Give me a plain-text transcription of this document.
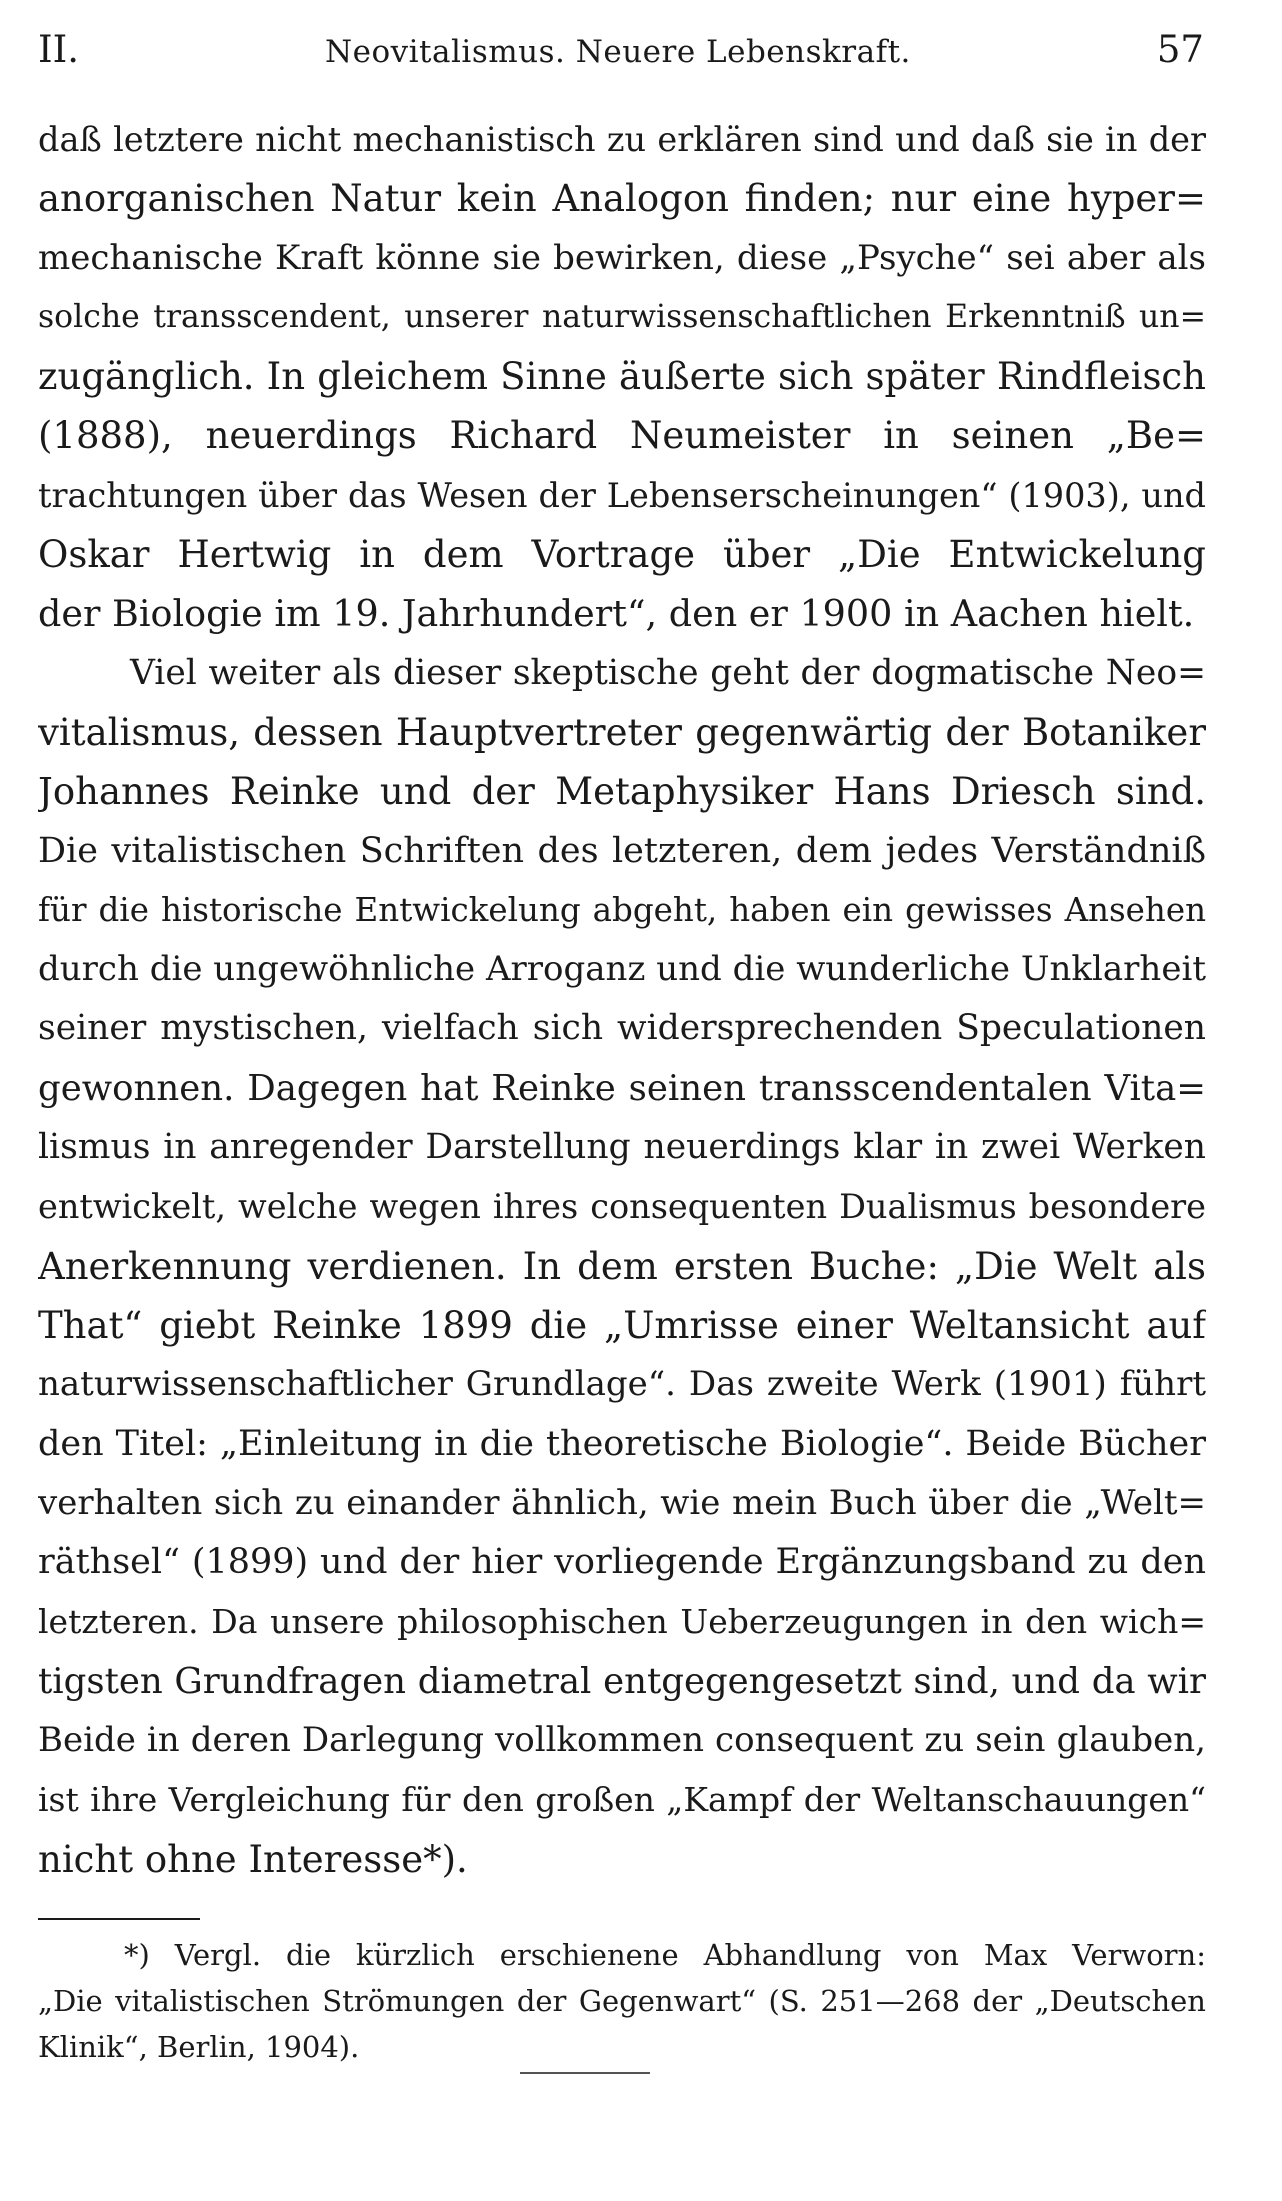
II.	Neovitalismus. Neuere Lebenskraft.	57
daß letztere nicht mechanistisch zu erklären sind und daß sie in der
anorganischen Natur kein Analogon finden; nur eine hyper=
mechanische Kraft könne sie bewirken, diese „Psyche“ sei aber als
solche transscendent, unserer naturwissenschaftlichen Erkenntniß un=
zugänglich. In gleichem Sinne äußerte sich später Rindfleisch
(1888), neuerdings Richard Neumeister in seinen „Be=
trachtungen über das Wesen der Lebenserscheinungen“ (1903), und
Oskar Hertwig in dem Vortrage über „Die Entwickelung
der Biologie im 19. Jahrhundert“, den er 1900 in Aachen hielt.
Viel weiter als dieser skeptische geht der dogmatische Neo=
vitalismus, dessen Hauptvertreter gegenwärtig der Botaniker
Johannes Reinke und der Metaphysiker Hans Driesch sind.
Die vitalistischen Schriften des letzteren, dem jedes Verständniß
für die historische Entwickelung abgeht, haben ein gewisses Ansehen
durch die ungewöhnliche Arroganz und die wunderliche Unklarheit
seiner mystischen, vielfach sich widersprechenden Speculationen
gewonnen. Dagegen hat Reinke seinen transscendentalen Vita=
lismus in anregender Darstellung neuerdings klar in zwei Werken
entwickelt, welche wegen ihres consequenten Dualismus besondere
Anerkennung verdienen. In dem ersten Buche: „Die Welt als
That“ giebt Reinke 1899 die „Umrisse einer Weltansicht auf
naturwissenschaftlicher Grundlage“. Das zweite Werk (1901) führt
den Titel: „Einleitung in die theoretische Biologie“. Beide Bücher
verhalten sich zu einander ähnlich, wie mein Buch über die „Welt=
räthsel“ (1899) und der hier vorliegende Ergänzungsband zu den
letzteren. Da unsere philosophischen Ueberzeugungen in den wich=
tigsten Grundfragen diametral entgegengesetzt sind, und da wir
Beide in deren Darlegung vollkommen consequent zu sein glauben,
ist ihre Vergleichung für den großen „Kampf der Weltanschauungen“
nicht ohne Interesse*).
*) Vergl. die kürzlich erschienene Abhandlung von Max Verworn:
„Die vitalistischen Strömungen der Gegenwart“ (S. 251—268 der „Deutschen
Klinik“, Berlin, 1904).
